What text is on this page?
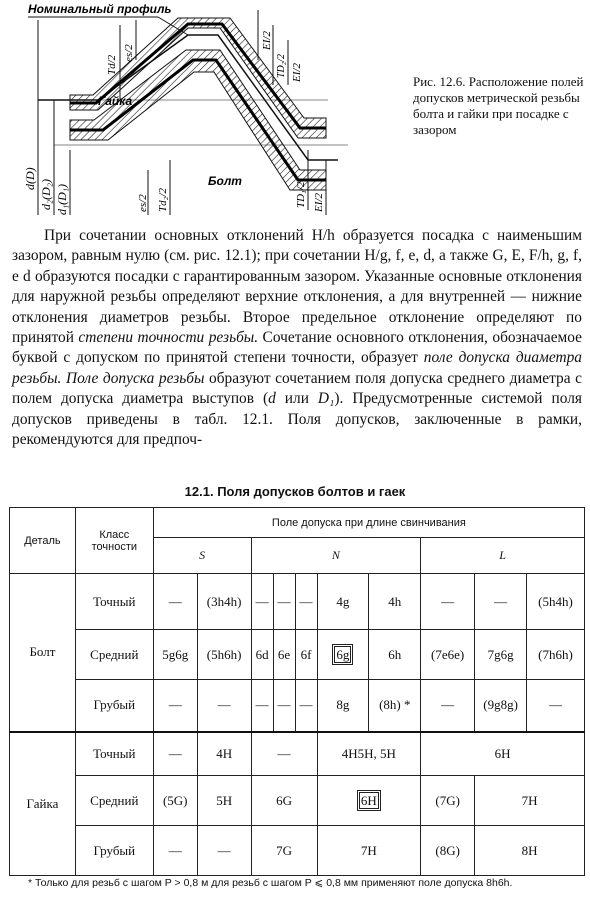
Номинальный профиль
Гайка
Болт
Td/2
es/2
EI/2
TD₂/2 EI/2
d(D)
d₂(D₂) d₁(D₁)	es/2 Td₂/2	TD₁/2 EI/2
Рис. 12.6. Расположение полей допусков метрической резьбы болта и гайки при посадке с зазором

При сочетании основных отклонений H/h образуется посадка с наименьшим зазором, равным нулю (см. рис. 12.1); при сочетании H/g, f, e, d, а также G, E, F/h, g, f, e d образуются посадки с гарантированным зазором. Указанные основные отклонения для наружной резьбы определяют верхние отклонения, а для внутренней — нижние отклонения диаметров резьбы. Второе предельное отклонение определяют по принятой степени точности резьбы. Сочетание основного отклонения, обозначаемое буквой с допуском по принятой степени точности, образует поле допуска диаметра резьбы. Поле допуска резьбы образуют сочетанием поля допуска среднего диаметра с полем допуска диаметра выступов (d или D₁). Предусмотренные системой поля допусков приведены в табл. 12.1. Поля допусков, заключенные в рамки, рекомендуются для предпоч-

12.1. Поля допусков болтов и гаек
Деталь	Класс точности	Поле допуска при длине свинчивания									
		S		N					L		
Болт	Точный	—	(3h4h)	—	—	—	4g	4h	—	—	(5h4h)
	Средний	5g6g	(5h6h)	6d	6e	6f	6g	6h	(7e6e)	7g6g	(7h6h)
	Грубый	—	—	—	—	—	8g	(8h) *	—	(9g8g)	—
Гайка	Точный	—	4H	—			4H5H, 5H		6H		
	Средний	(5G)	5H	6G			6H		(7G)	7H	
	Грубый	—	—	7G			7H		(8G)	8H	
* Только для резьб с шагом P > 0,8 м для резьб с шагом P ⩽ 0,8 мм применяют поле допуска 8h6h.
